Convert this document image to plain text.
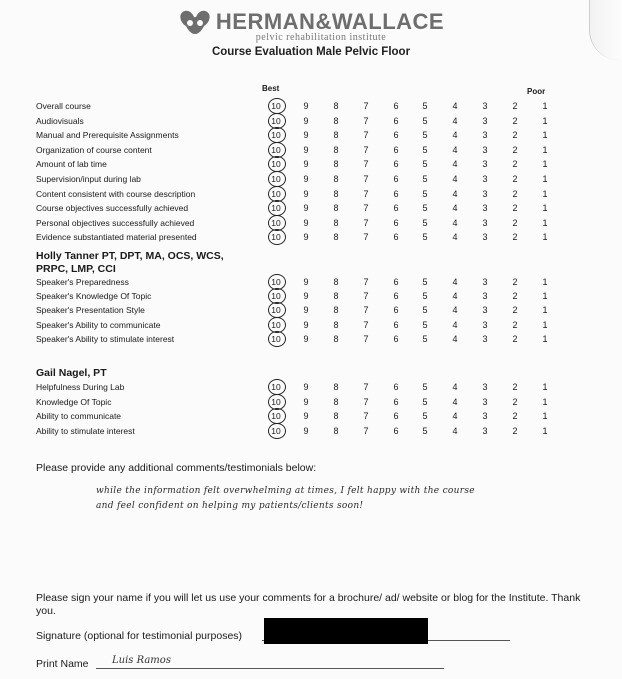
HERMAN&WALLACE
pelvic rehabilitation institute
Course Evaluation Male Pelvic Floor
Best	Poor
Overall course	10	9	8	7	6	5	4	3	2	1
Audiovisuals	10	9	8	7	6	5	4	3	2	1
Manual and Prerequisite Assignments	10	9	8	7	6	5	4	3	2	1
Organization of course content	10	9	8	7	6	5	4	3	2	1
Amount of lab time	10	9	8	7	6	5	4	3	2	1
Supervision/input during lab	10	9	8	7	6	5	4	3	2	1
Content consistent with course description	10	9	8	7	6	5	4	3	2	1
Course objectives successfully achieved	10	9	8	7	6	5	4	3	2	1
Personal objectives successfully achieved	10	9	8	7	6	5	4	3	2	1
Evidence substantiated material presented	10	9	8	7	6	5	4	3	2	1
Holly Tanner PT, DPT, MA, OCS, WCS,
PRPC, LMP, CCI
Speaker's Preparedness	10	9	8	7	6	5	4	3	2	1
Speaker's Knowledge Of Topic	10	9	8	7	6	5	4	3	2	1
Speaker's Presentation Style	10	9	8	7	6	5	4	3	2	1
Speaker's Ability to communicate	10	9	8	7	6	5	4	3	2	1
Speaker's Ability to stimulate interest	10	9	8	7	6	5	4	3	2	1
Gail Nagel, PT
Helpfulness During Lab	10	9	8	7	6	5	4	3	2	1
Knowledge Of Topic	10	9	8	7	6	5	4	3	2	1
Ability to communicate	10	9	8	7	6	5	4	3	2	1
Ability to stimulate interest	10	9	8	7	6	5	4	3	2	1
Please provide any additional comments/testimonials below:
while the information felt overwhelming at times, I felt happy with the course
and feel confident on helping my patients/clients soon!
Please sign your name if you will let us use your comments for a brochure/ ad/ website or blog for the Institute. Thank you.
Signature (optional for testimonial purposes)
Print Name Luis Ramos
